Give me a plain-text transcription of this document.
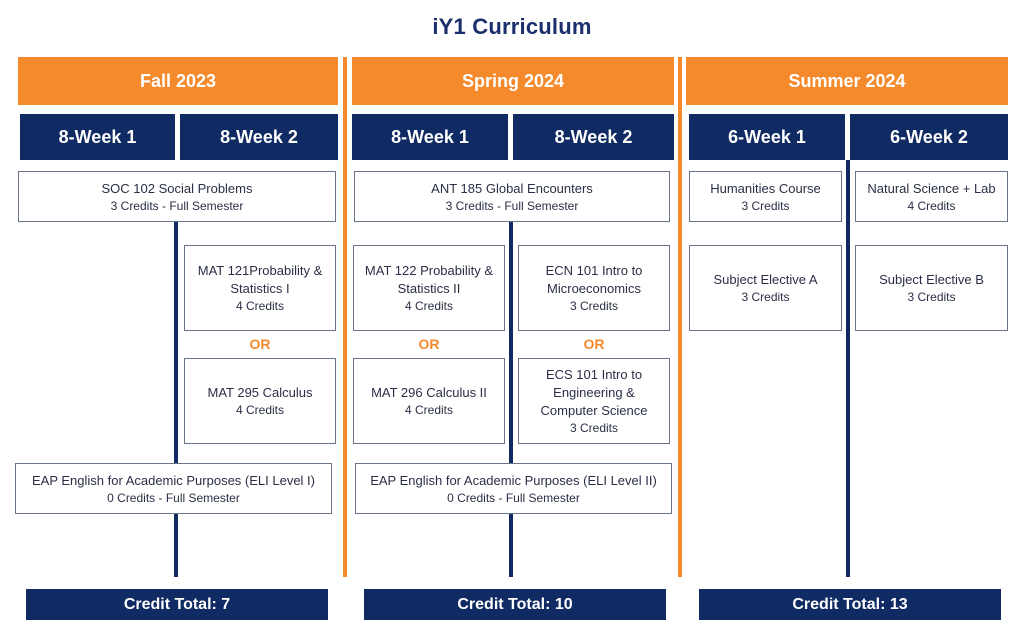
iY1 Curriculum
Fall 2023	Spring 2024	Summer 2024
8-Week 1	8-Week 2	8-Week 1	8-Week 2	6-Week 1	6-Week 2
SOC 102 Social Problems
3 Credits - Full Semester
MAT 121Probability &
Statistics I
4 Credits
OR
MAT 295 Calculus
4 Credits
EAP English for Academic Purposes (ELI Level I)
0 Credits - Full Semester
ANT 185 Global Encounters
3 Credits - Full Semester
MAT 122 Probability &
Statistics II
4 Credits
ECN 101 Intro to
Microeconomics
3 Credits
OR	OR
MAT 296 Calculus II
4 Credits
ECS 101 Intro to
Engineering &
Computer Science
3 Credits
EAP English for Academic Purposes (ELI Level II)
0 Credits - Full Semester
Humanities Course
3 Credits
Natural Science + Lab
4 Credits
Subject Elective A
3 Credits
Subject Elective B
3 Credits
Credit Total: 7	Credit Total: 10	Credit Total: 13
